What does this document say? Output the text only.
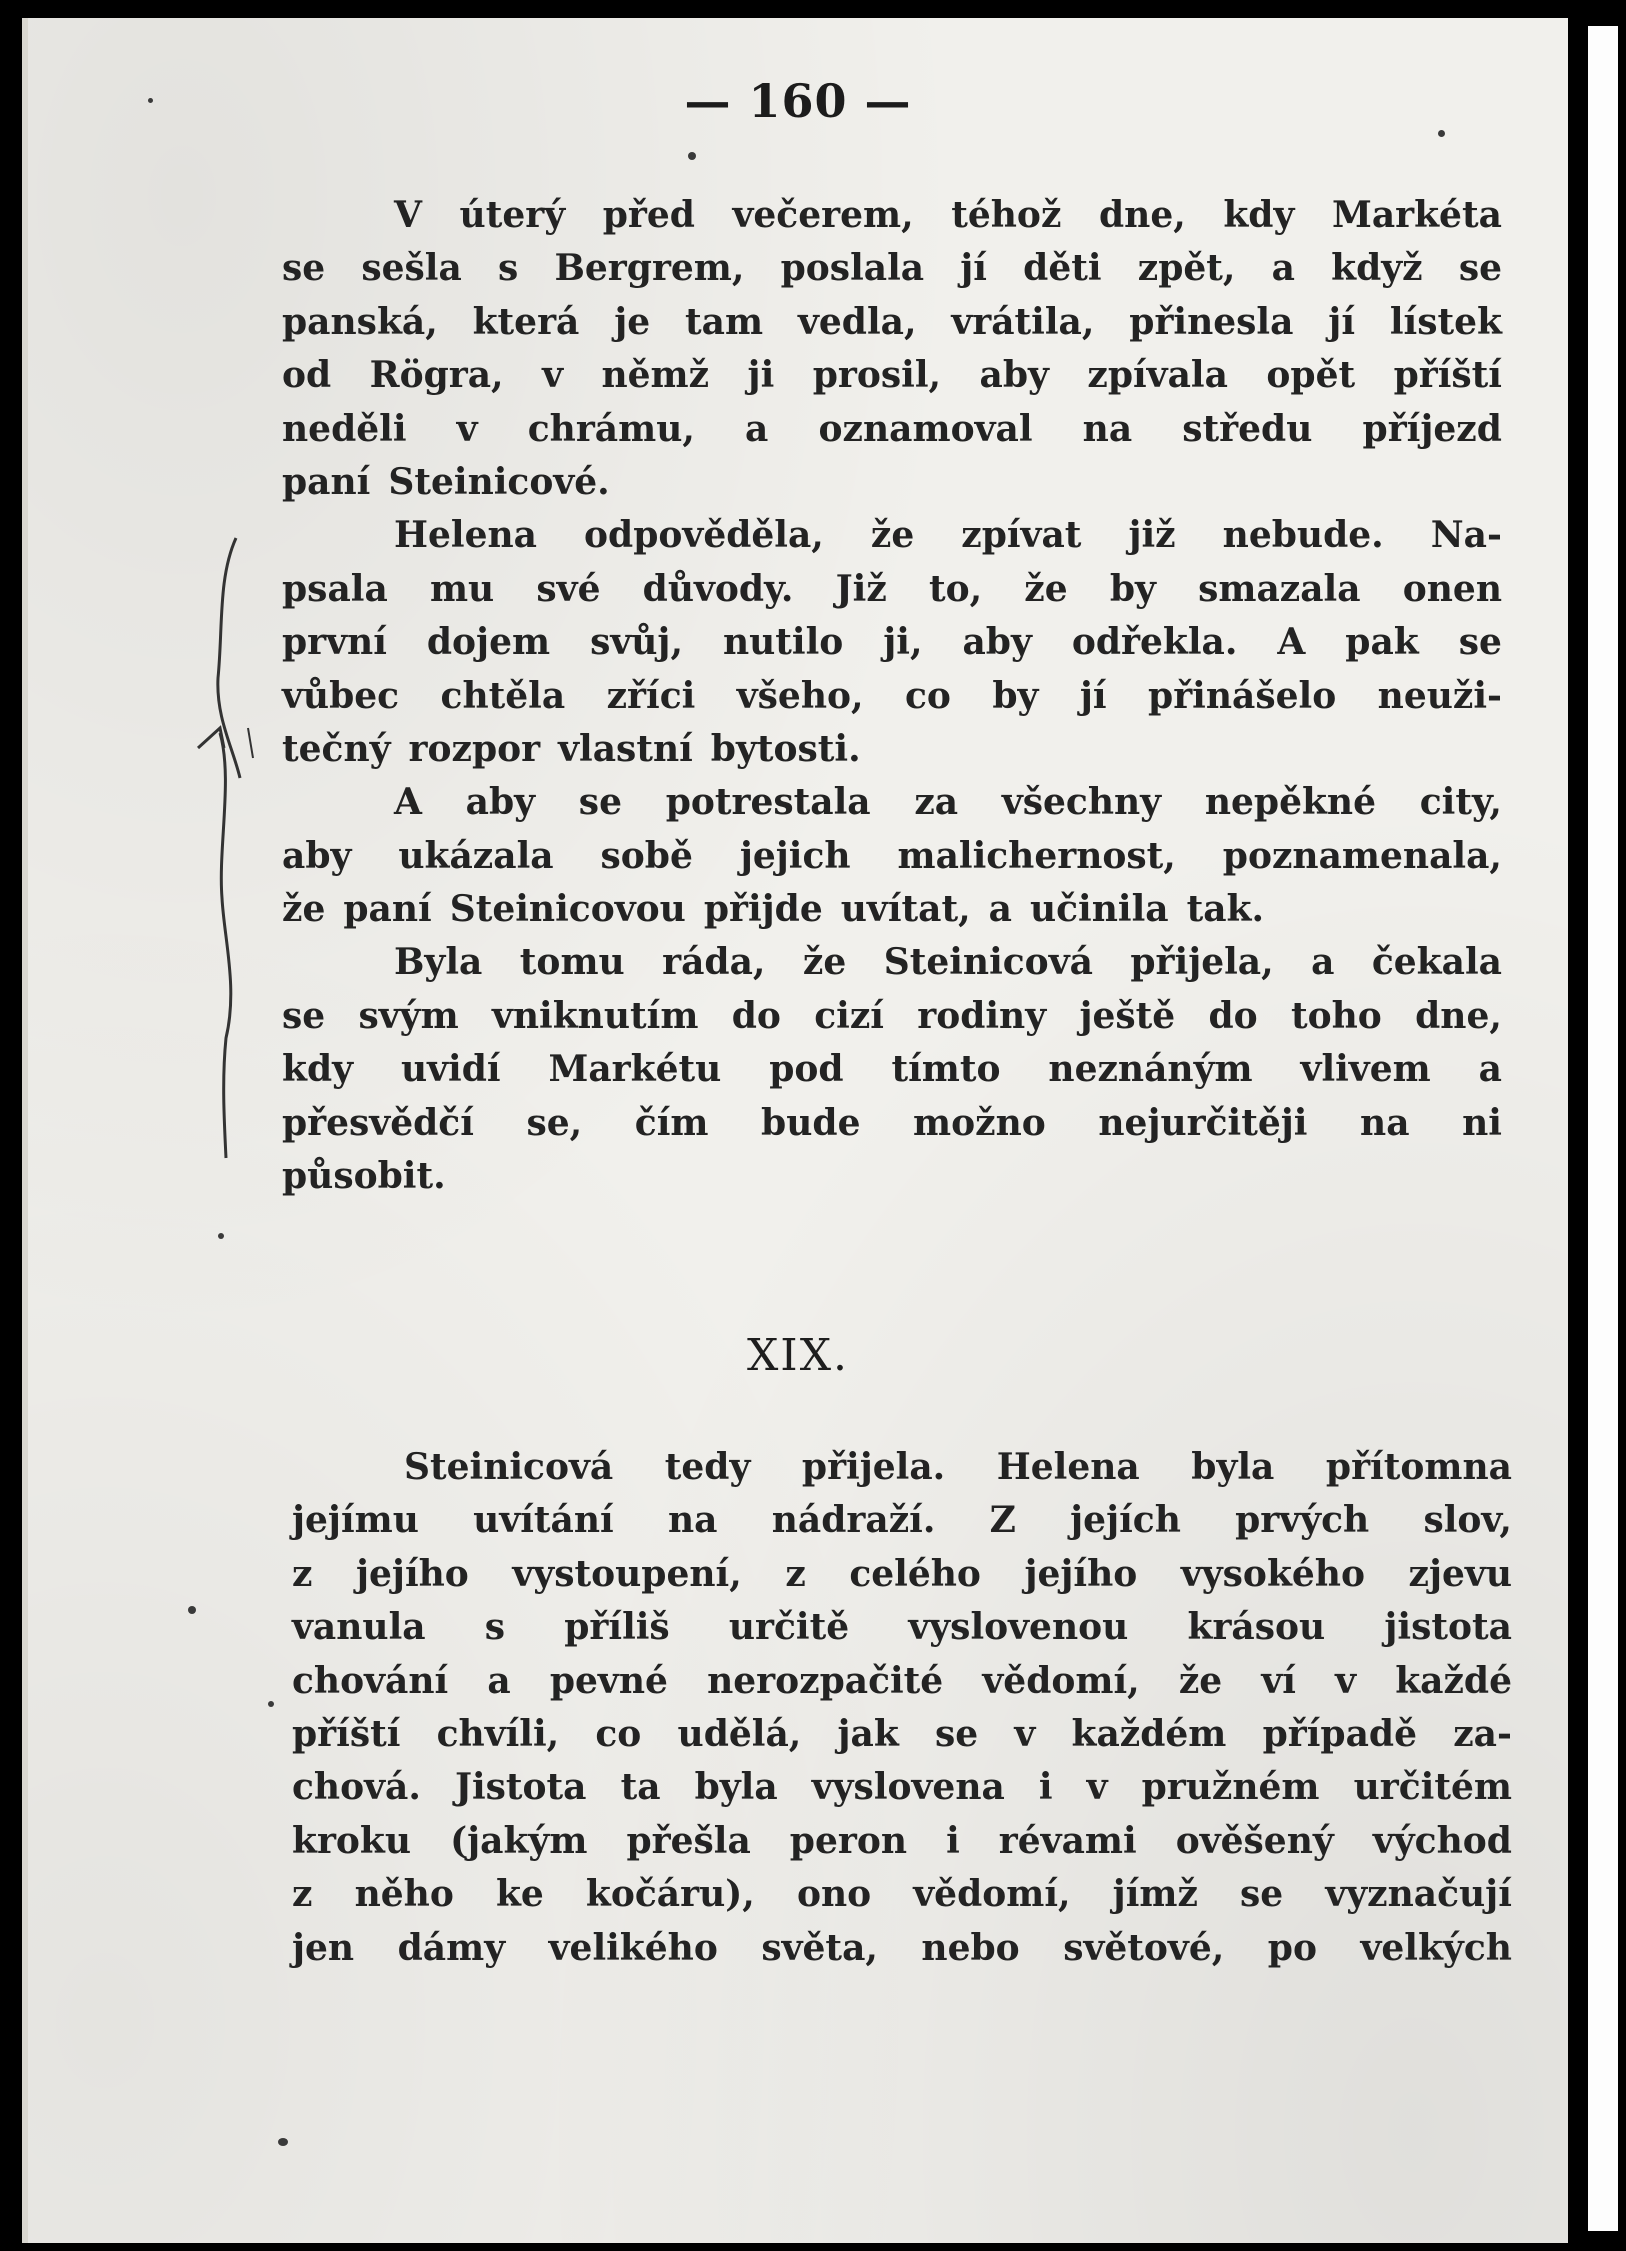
— 160 —
V úterý před večerem, téhož dne, kdy Markéta
se sešla s Bergrem, poslala jí děti zpět, a když se
panská, která je tam vedla, vrátila, přinesla jí lístek
od Rögra, v němž ji prosil, aby zpívala opět příští
neděli v chrámu, a oznamoval na středu příjezd
paní Steinicové.
Helena odpověděla, že zpívat již nebude. Na-
psala mu své důvody. Již to, že by smazala onen
první dojem svůj, nutilo ji, aby odřekla. A pak se
vůbec chtěla zříci všeho, co by jí přinášelo neuži-
tečný rozpor vlastní bytosti.
A aby se potrestala za všechny nepěkné city,
aby ukázala sobě jejich malichernost, poznamenala,
že paní Steinicovou přijde uvítat, a učinila tak.
Byla tomu ráda, že Steinicová přijela, a čekala
se svým vniknutím do cizí rodiny ještě do toho dne,
kdy uvidí Markétu pod tímto neznáným vlivem a
přesvědčí se, čím bude možno nejurčitěji na ni
působit.
XIX.
Steinicová tedy přijela. Helena byla přítomna
jejímu uvítání na nádraží. Z jejích prvých slov,
z jejího vystoupení, z celého jejího vysokého zjevu
vanula s příliš určitě vyslovenou krásou jistota
chování a pevné nerozpačité vědomí, že ví v každé
příští chvíli, co udělá, jak se v každém případě za-
chová. Jistota ta byla vyslovena i v pružném určitém
kroku (jakým přešla peron i révami ověšený východ
z něho ke kočáru), ono vědomí, jímž se vyznačují
jen dámy velikého světa, nebo světové, po velkých
